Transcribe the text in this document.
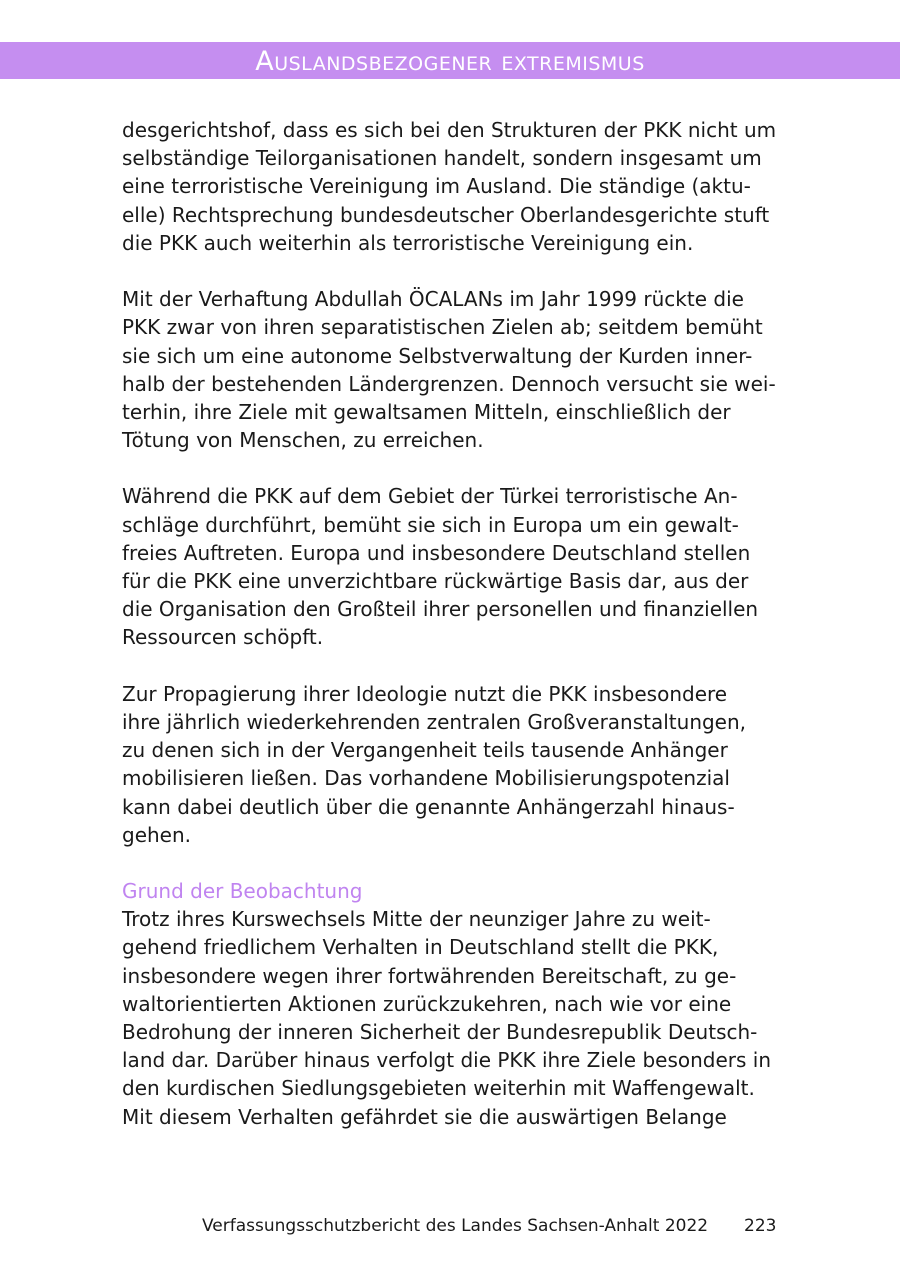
Auslandsbezogener extremismus
desgerichtshof, dass es sich bei den Strukturen der PKK nicht um
selbständige Teilorganisationen handelt, sondern insgesamt um
eine terroristische Vereinigung im Ausland. Die ständige (aktu-
elle) Rechtsprechung bundesdeutscher Oberlandesgerichte stuft
die PKK auch weiterhin als terroristische Vereinigung ein.
Mit der Verhaftung Abdullah ÖCALANs im Jahr 1999 rückte die
PKK zwar von ihren separatistischen Zielen ab; seitdem bemüht
sie sich um eine autonome Selbstverwaltung der Kurden inner-
halb der bestehenden Ländergrenzen. Dennoch versucht sie wei-
terhin, ihre Ziele mit gewaltsamen Mitteln, einschließlich der
Tötung von Menschen, zu erreichen.
Während die PKK auf dem Gebiet der Türkei terroristische An-
schläge durchführt, bemüht sie sich in Europa um ein gewalt-
freies Auftreten. Europa und insbesondere Deutschland stellen
für die PKK eine unverzichtbare rückwärtige Basis dar, aus der
die Organisation den Großteil ihrer personellen und finanziellen
Ressourcen schöpft.
Zur Propagierung ihrer Ideologie nutzt die PKK insbesondere
ihre jährlich wiederkehrenden zentralen Großveranstaltungen,
zu denen sich in der Vergangenheit teils tausende Anhänger
mobilisieren ließen. Das vorhandene Mobilisierungspotenzial
kann dabei deutlich über die genannte Anhängerzahl hinaus-
gehen.
Grund der Beobachtung
Trotz ihres Kurswechsels Mitte der neunziger Jahre zu weit-
gehend friedlichem Verhalten in Deutschland stellt die PKK,
insbesondere wegen ihrer fortwährenden Bereitschaft, zu ge-
waltorientierten Aktionen zurückzukehren, nach wie vor eine
Bedrohung der inneren Sicherheit der Bundesrepublik Deutsch-
land dar. Darüber hinaus verfolgt die PKK ihre Ziele besonders in
den kurdischen Siedlungsgebieten weiterhin mit Waffengewalt.
Mit diesem Verhalten gefährdet sie die auswärtigen Belange
Verfassungsschutzbericht des Landes Sachsen-Anhalt 2022 223
